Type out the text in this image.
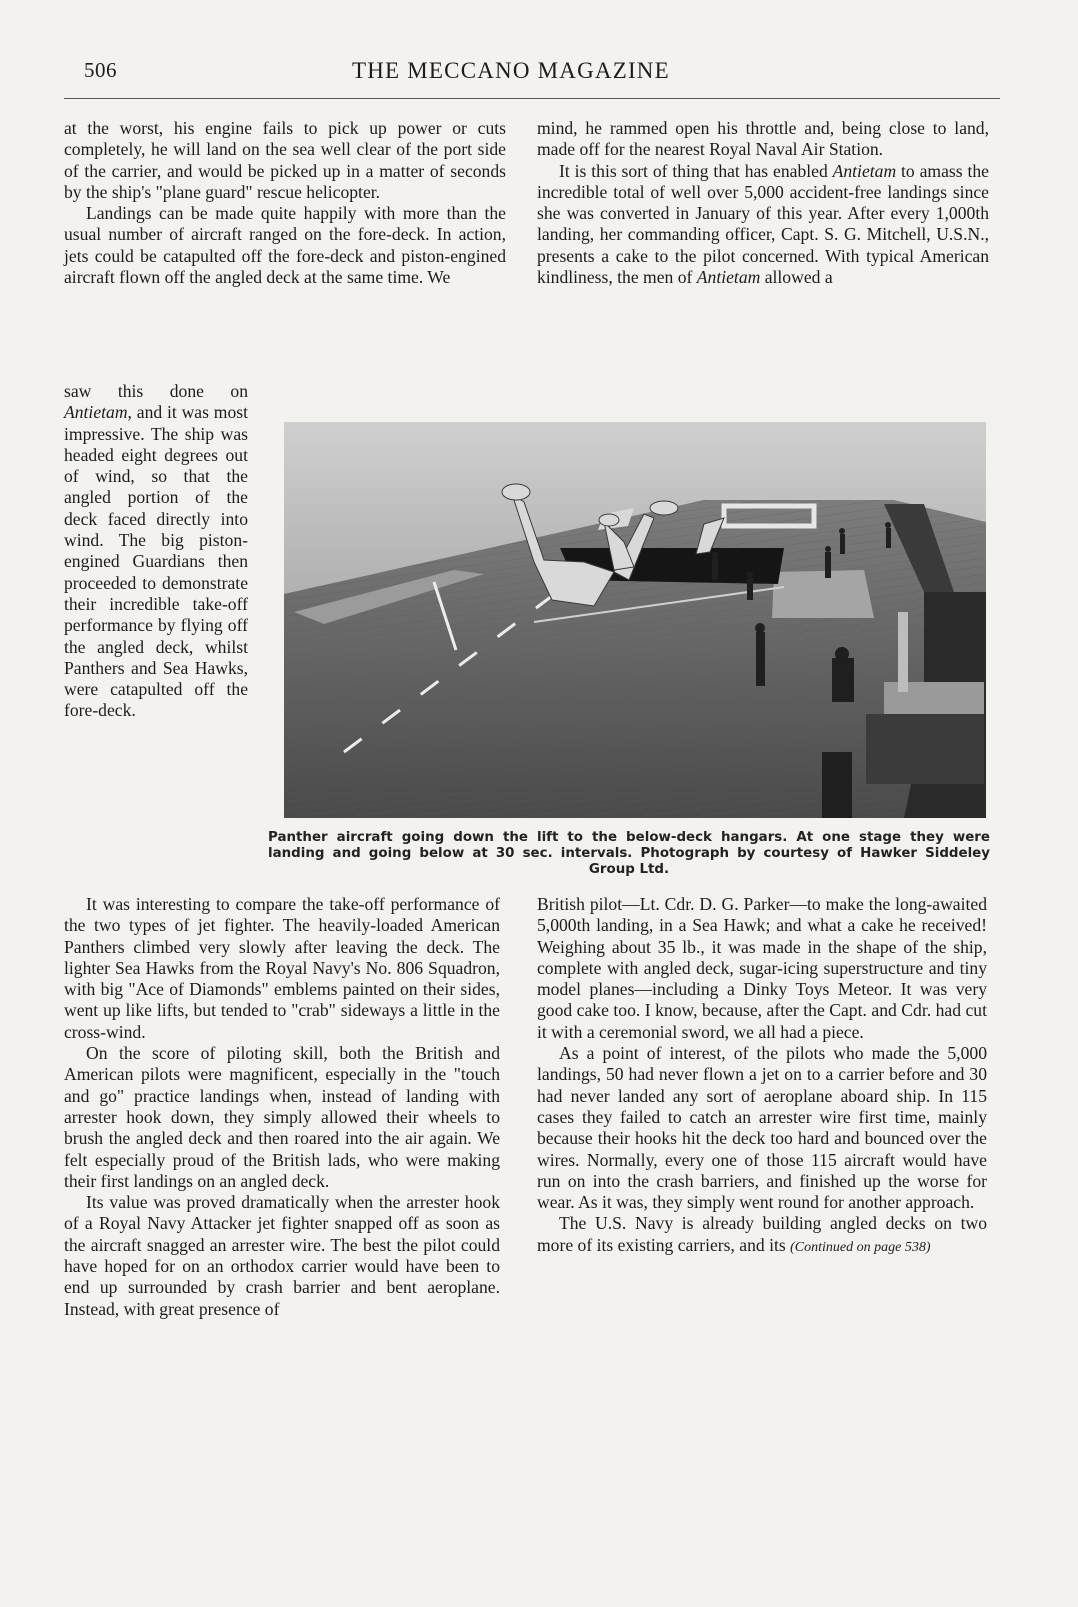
506	THE MECCANO MAGAZINE

at the worst, his engine fails to pick up power or cuts completely, he will land on the sea well clear of the port side of the carrier, and would be picked up in a matter of seconds by the ship's "plane guard" rescue helicopter.

Landings can be made quite happily with more than the usual number of aircraft ranged on the fore-deck. In action, jets could be catapulted off the fore-deck and piston-engined aircraft flown off the angled deck at the same time. We

saw this done on Antietam, and it was most impressive. The ship was headed eight degrees out of wind, so that the angled portion of the deck faced directly into wind. The big piston-engined Guardians then proceeded to demonstrate their incredible take-off performance by flying off the angled deck, whilst Panthers and Sea Hawks, were catapulted off the fore-deck.

mind, he rammed open his throttle and, being close to land, made off for the nearest Royal Naval Air Station.

It is this sort of thing that has enabled Antietam to amass the incredible total of well over 5,000 accident-free landings since she was converted in January of this year. After every 1,000th landing, her commanding officer, Capt. S. G. Mitchell, U.S.N., presents a cake to the pilot concerned. With typical American kindliness, the men of Antietam allowed a

Panther aircraft going down the lift to the below-deck hangars. At one stage they were landing and going below at 30 sec. intervals. Photograph by courtesy of Hawker Siddeley Group Ltd.

It was interesting to compare the take-off performance of the two types of jet fighter. The heavily-loaded American Panthers climbed very slowly after leaving the deck. The lighter Sea Hawks from the Royal Navy's No. 806 Squadron, with big "Ace of Diamonds" emblems painted on their sides, went up like lifts, but tended to "crab" sideways a little in the cross-wind.

On the score of piloting skill, both the British and American pilots were magnificent, especially in the "touch and go" practice landings when, instead of landing with arrester hook down, they simply allowed their wheels to brush the angled deck and then roared into the air again. We felt especially proud of the British lads, who were making their first landings on an angled deck.

Its value was proved dramatically when the arrester hook of a Royal Navy Attacker jet fighter snapped off as soon as the aircraft snagged an arrester wire. The best the pilot could have hoped for on an orthodox carrier would have been to end up surrounded by crash barrier and bent aeroplane. Instead, with great presence of

British pilot—Lt. Cdr. D. G. Parker—to make the long-awaited 5,000th landing, in a Sea Hawk; and what a cake he received! Weighing about 35 lb., it was made in the shape of the ship, complete with angled deck, sugar-icing superstructure and tiny model planes—including a Dinky Toys Meteor. It was very good cake too. I know, because, after the Capt. and Cdr. had cut it with a ceremonial sword, we all had a piece.

As a point of interest, of the pilots who made the 5,000 landings, 50 had never flown a jet on to a carrier before and 30 had never landed any sort of aeroplane aboard ship. In 115 cases they failed to catch an arrester wire first time, mainly because their hooks hit the deck too hard and bounced over the wires. Normally, every one of those 115 aircraft would have run on into the crash barriers, and finished up the worse for wear. As it was, they simply went round for another approach.

The U.S. Navy is already building angled decks on two more of its existing carriers, and its (Continued on page 538)
